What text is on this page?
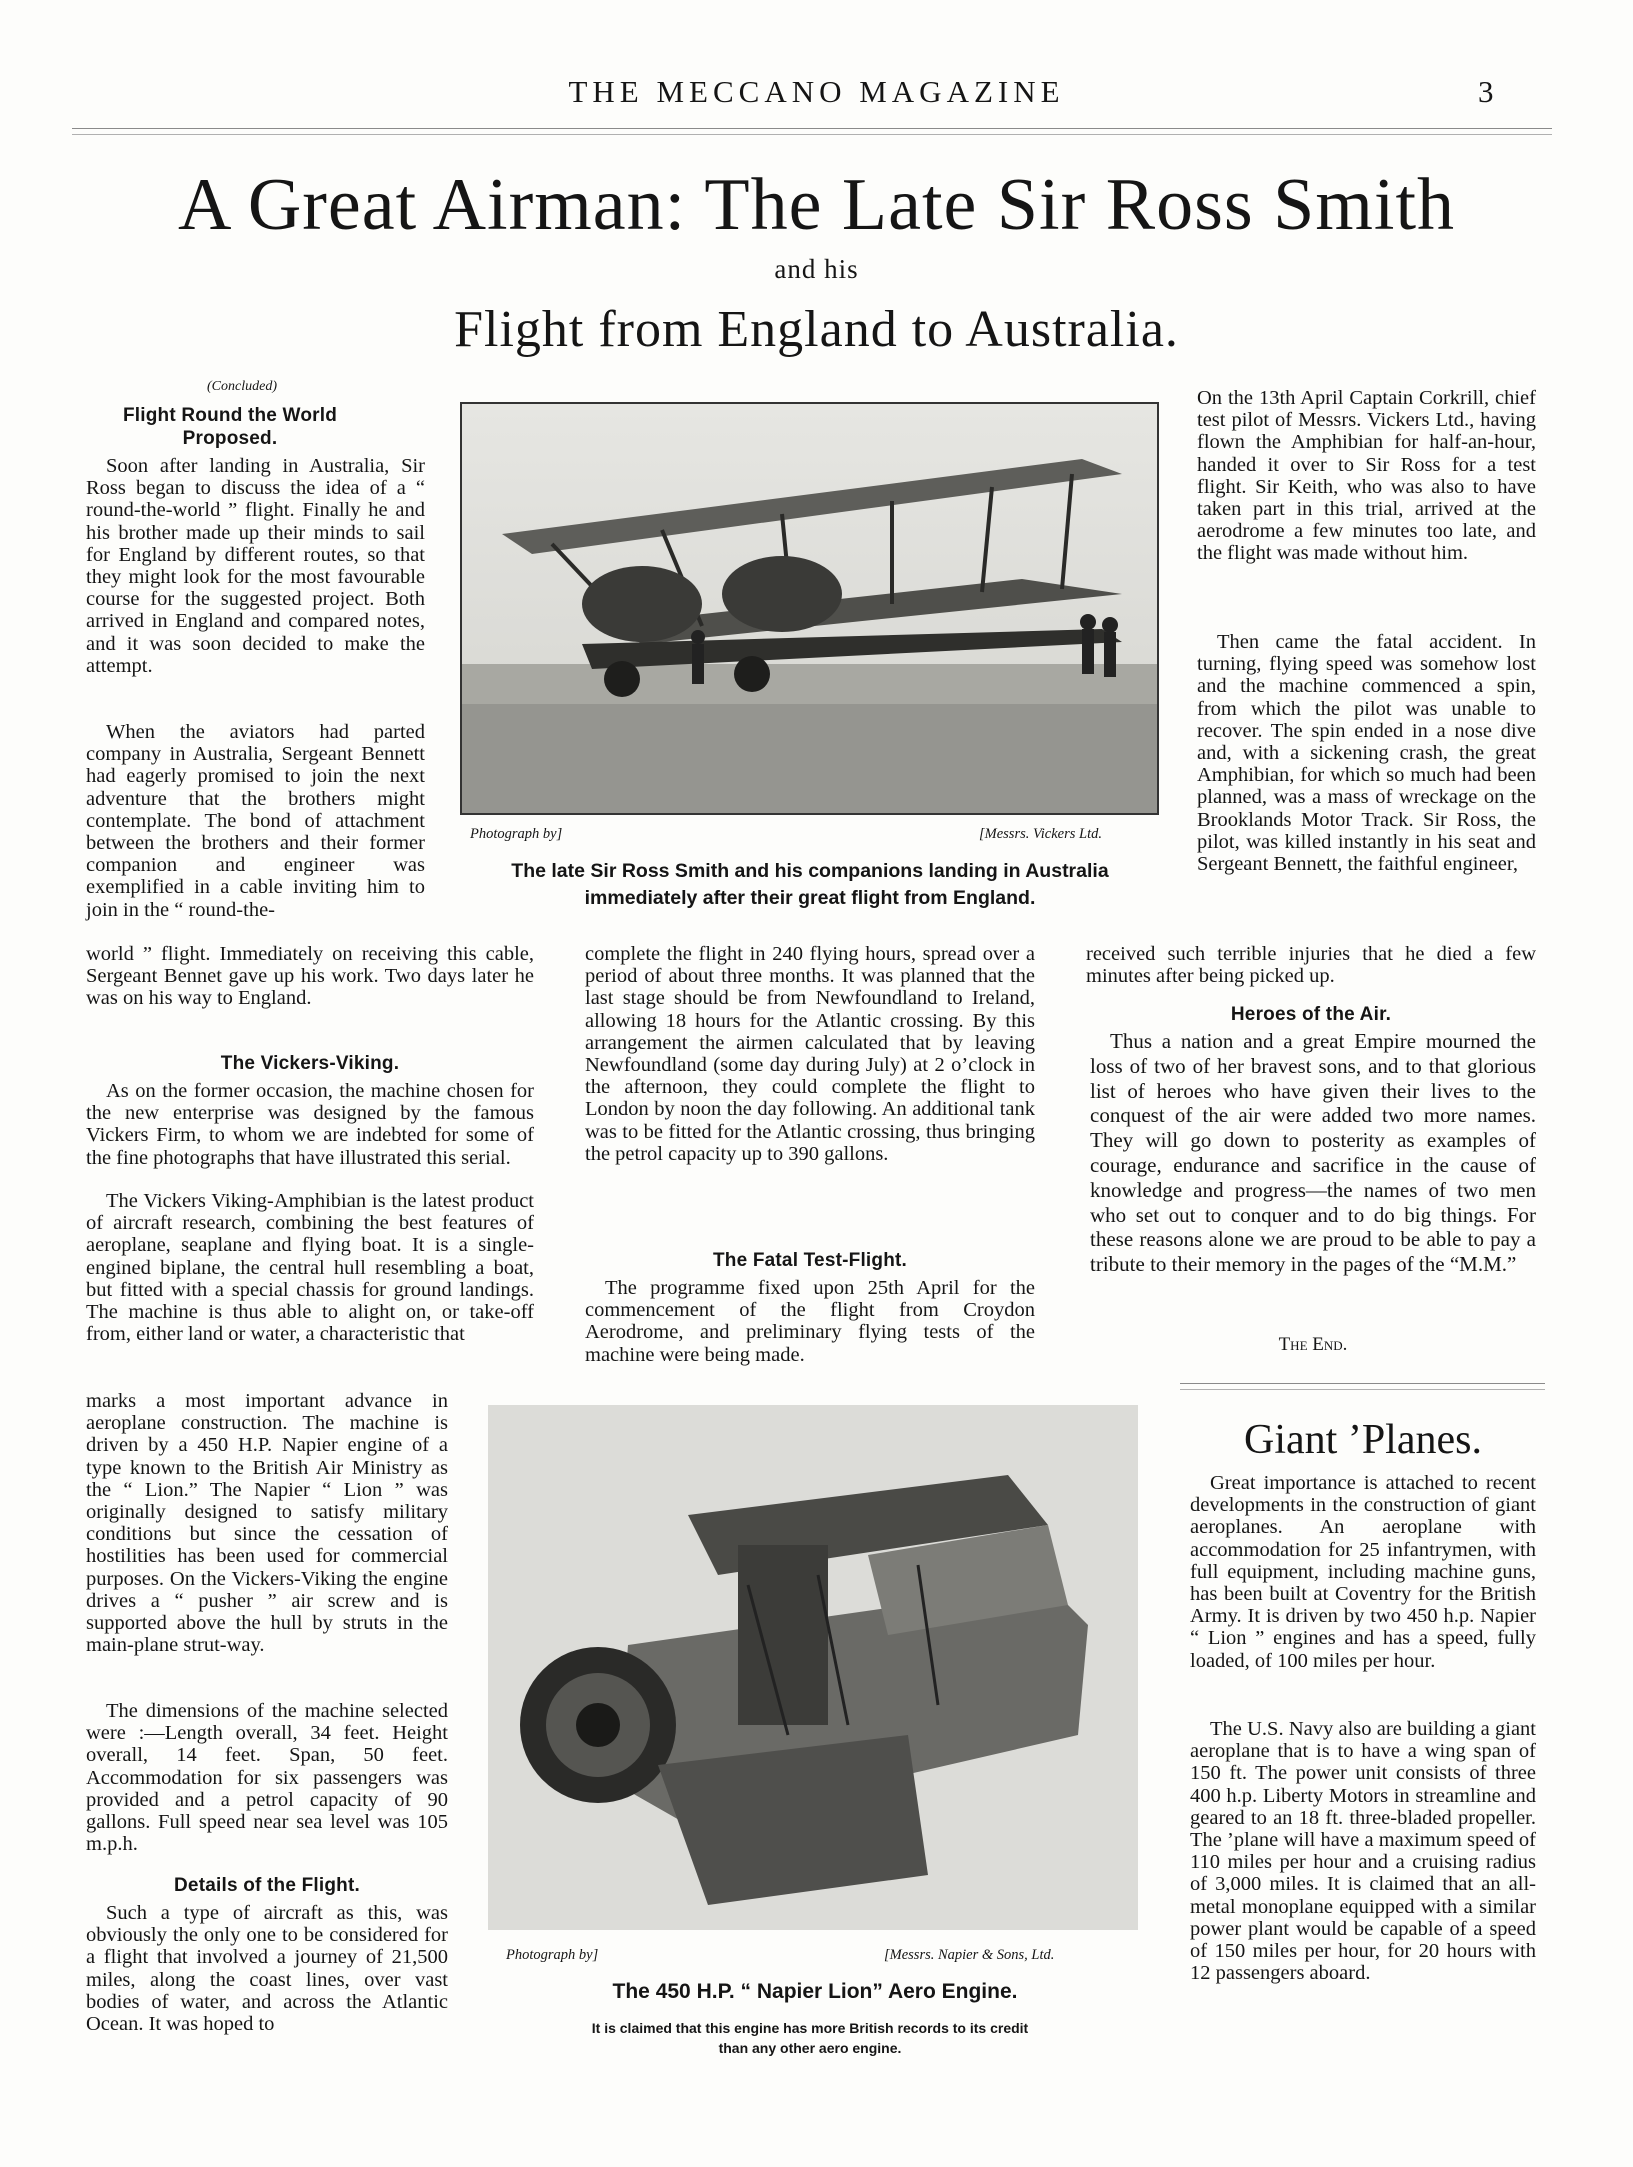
THE MECCANO MAGAZINE	3
A Great Airman: The Late Sir Ross Smith
and his
Flight from England to Australia.
(Concluded)
Flight Round the World Proposed.
Soon after landing in Australia, Sir Ross began to discuss the idea of a “ round-the-world ” flight. Finally he and his brother made up their minds to sail for England by different routes, so that they might look for the most favourable course for the suggested project. Both arrived in England and compared notes, and it was soon decided to make the attempt.
When the aviators had parted company in Australia, Sergeant Bennett had eagerly promised to join the next adventure that the brothers might contemplate. The bond of attachment between the brothers and their former companion and engineer was exemplified in a cable inviting him to join in the “ round-the-
world ” flight. Immediately on receiving this cable, Sergeant Bennet gave up his work. Two days later he was on his way to England.
The Vickers-Viking.
As on the former occasion, the machine chosen for the new enterprise was designed by the famous Vickers Firm, to whom we are indebted for some of the fine photographs that have illustrated this serial.
The Vickers Viking-Amphibian is the latest product of aircraft research, combining the best features of aeroplane, seaplane and flying boat. It is a single-engined biplane, the central hull resembling a boat, but fitted with a special chassis for ground landings. The machine is thus able to alight on, or take-off from, either land or water, a characteristic that
marks a most important advance in aeroplane construction. The machine is driven by a 450 H.P. Napier engine of a type known to the British Air Ministry as the “ Lion.” The Napier “ Lion ” was originally designed to satisfy military conditions but since the cessation of hostilities has been used for commercial purposes. On the Vickers-Viking the engine drives a “ pusher ” air screw and is supported above the hull by struts in the main-plane strut-way.
The dimensions of the machine selected were :—Length overall, 34 feet. Height overall, 14 feet. Span, 50 feet. Accommodation for six passengers was provided and a petrol capacity of 90 gallons. Full speed near sea level was 105 m.p.h.
Details of the Flight.
Such a type of aircraft as this, was obviously the only one to be considered for a flight that involved a journey of 21,500 miles, along the coast lines, over vast bodies of water, and across the Atlantic Ocean. It was hoped to
Photograph by]	[Messrs. Vickers Ltd.
The late Sir Ross Smith and his companions landing in Australia
immediately after their great flight from England.
complete the flight in 240 flying hours, spread over a period of about three months. It was planned that the last stage should be from Newfoundland to Ireland, allowing 18 hours for the Atlantic crossing. By this arrangement the airmen calculated that by leaving Newfoundland (some day during July) at 2 o’clock in the afternoon, they could complete the flight to London by noon the day following. An additional tank was to be fitted for the Atlantic crossing, thus bringing the petrol capacity up to 390 gallons.
The Fatal Test-Flight.
The programme fixed upon 25th April for the commencement of the flight from Croydon Aerodrome, and preliminary flying tests of the machine were being made.
On the 13th April Captain Corkrill, chief test pilot of Messrs. Vickers Ltd., having flown the Amphibian for half-an-hour, handed it over to Sir Ross for a test flight. Sir Keith, who was also to have taken part in this trial, arrived at the aerodrome a few minutes too late, and the flight was made without him.
Then came the fatal accident. In turning, flying speed was somehow lost and the machine commenced a spin, from which the pilot was unable to recover. The spin ended in a nose dive and, with a sickening crash, the great Amphibian, for which so much had been planned, was a mass of wreckage on the Brooklands Motor Track. Sir Ross, the pilot, was killed instantly in his seat and Sergeant Bennett, the faithful engineer,
received such terrible injuries that he died a few minutes after being picked up.
Heroes of the Air.
Thus a nation and a great Empire mourned the loss of two of her bravest sons, and to that glorious list of heroes who have given their lives to the conquest of the air were added two more names. They will go down to posterity as examples of courage, endurance and sacrifice in the cause of knowledge and progress—the names of two men who set out to conquer and to do big things. For these reasons alone we are proud to be able to pay a tribute to their memory in the pages of the “M.M.”
The End.
Giant ’Planes.
Great importance is attached to recent developments in the construction of giant aeroplanes. An aeroplane with accommodation for 25 infantrymen, with full equipment, including machine guns, has been built at Coventry for the British Army. It is driven by two 450 h.p. Napier “ Lion ” engines and has a speed, fully loaded, of 100 miles per hour.
The U.S. Navy also are building a giant aeroplane that is to have a wing span of 150 ft. The power unit consists of three 400 h.p. Liberty Motors in streamline and geared to an 18 ft. three-bladed propeller. The ’plane will have a maximum speed of 110 miles per hour and a cruising radius of 3,000 miles. It is claimed that an all-metal monoplane equipped with a similar power plant would be capable of a speed of 150 miles per hour, for 20 hours with 12 passengers aboard.
Photograph by]	[Messrs. Napier & Sons, Ltd.
The 450 H.P. “ Napier Lion” Aero Engine.
It is claimed that this engine has more British records to its credit
than any other aero engine.
